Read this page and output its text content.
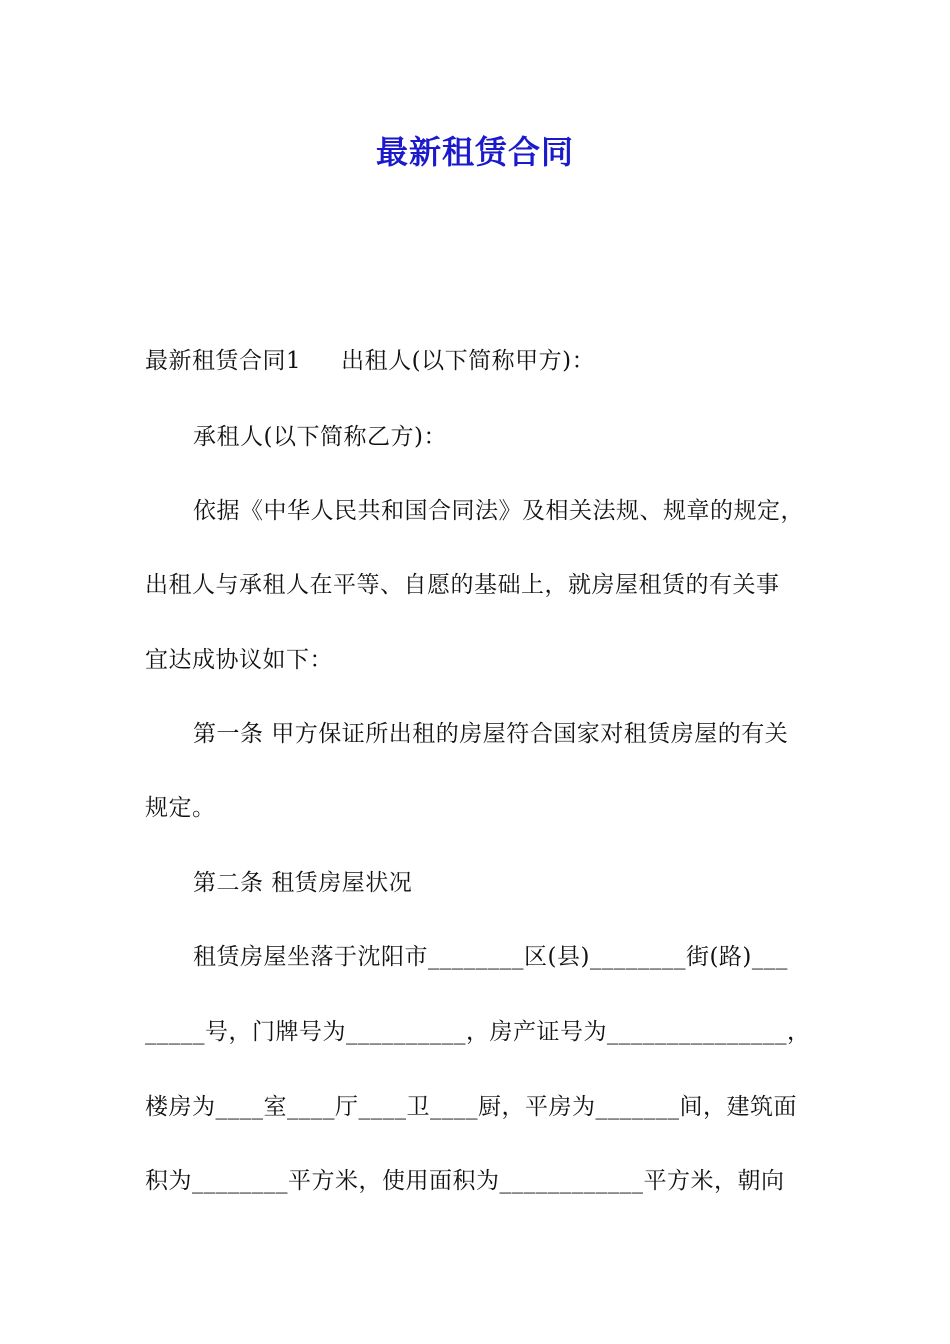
最新租赁合同
最新租赁合同1 出租人(以下简称甲方)：
承租人(以下简称乙方)：
依据《中华人民共和国合同法》及相关法规、规章的规定，
出租人与承租人在平等、自愿的基础上，就房屋租赁的有关事
宜达成协议如下：
第一条 甲方保证所出租的房屋符合国家对租赁房屋的有关
规定。
第二条 租赁房屋状况
租赁房屋坐落于沈阳市________区(县)________街(路)___
_____号，门牌号为__________，房产证号为_______________，
楼房为____室____厅____卫____厨，平房为_______间，建筑面
积为________平方米，使用面积为____________平方米，朝向
